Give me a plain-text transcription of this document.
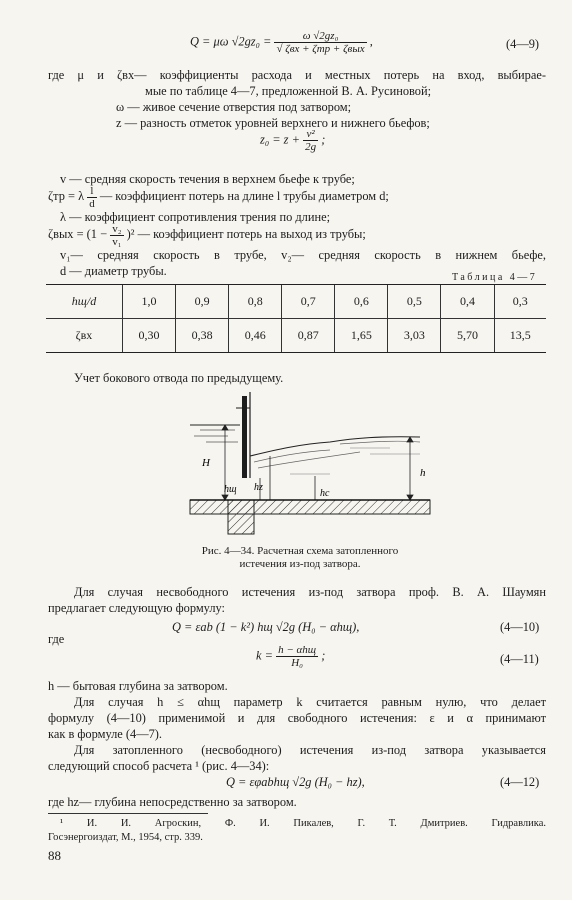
Q = μω $√2gz_0 = \frac{\text{ω √2gz₀}}{\text{√ ζвх + ζтр + ζвых}}$ ,	(4—9)
где μ и ζвх— коэффициенты расхода и местных потерь на вход, выбирае-
мые по таблице 4—7, предложенной В. А. Русиновой;
ω — живое сечение отверстия под затвором;
z — разность отметок уровней верхнего и нижнего бьефов;
$z_0 = z + \frac{\text{v²}}{2g}$ ;
v — средняя скорость течения в верхнем бьефе к трубе;
ζтр = λ $\frac{l}{d}$ — коэффициент потерь на длине l трубы диаметром d;
λ — коэффициент сопротивления трения по длине;
$\zeta вых = (1 - \frac{\text{v₂}}{\text{v₁}} )^2$ — коэффициент потерь на выход из трубы;
v₁— средняя скорость в трубе, v₂— средняя скорость в нижнем бьефе,
d — диаметр трубы.	Таблица 4—7
hщ/d	1,0	0,9	0,8	0,7	0,6	0,5	0,4	0,3
ζвх	0,30	0,38	0,46	0,87	1,65	3,03	5,70	13,5
Учет бокового отвода по предыдущему.
H
h
hщ hz
hc
Рис. 4—34. Расчетная схема затопленного
истечения из-под затвора.
Для случая несвободного истечения из-под затвора проф. В. А. Шаумян
предлагает следующую формулу:
Q = εab (1 − k²) hщ √2g (H₀ − αhщ),	(4—10)
где
$k = \frac{\text{h − αhщ}}{\text{H₀}}$ ;	(4—11)
h — бытовая глубина за затвором.
Для случая h ≤ αhщ параметр k считается равным нулю, что делает
формулу (4—10) применимой и для свободного истечения: ε и α принимают
как в формуле (4—7).
Для затопленного (несвободного) истечения из-под затвора указывается
следующий способ расчета ¹ (рис. 4—34):
Q = εφabhщ √2g (H₀ − hz),	(4—12)
где hz— глубина непосредственно за затвором.
¹ И. И. Агроскин, Ф. И. Пикалев, Г. Т. Дмитриев. Гидравлика.
Госэнергоиздат, М., 1954, стр. 339.
88
